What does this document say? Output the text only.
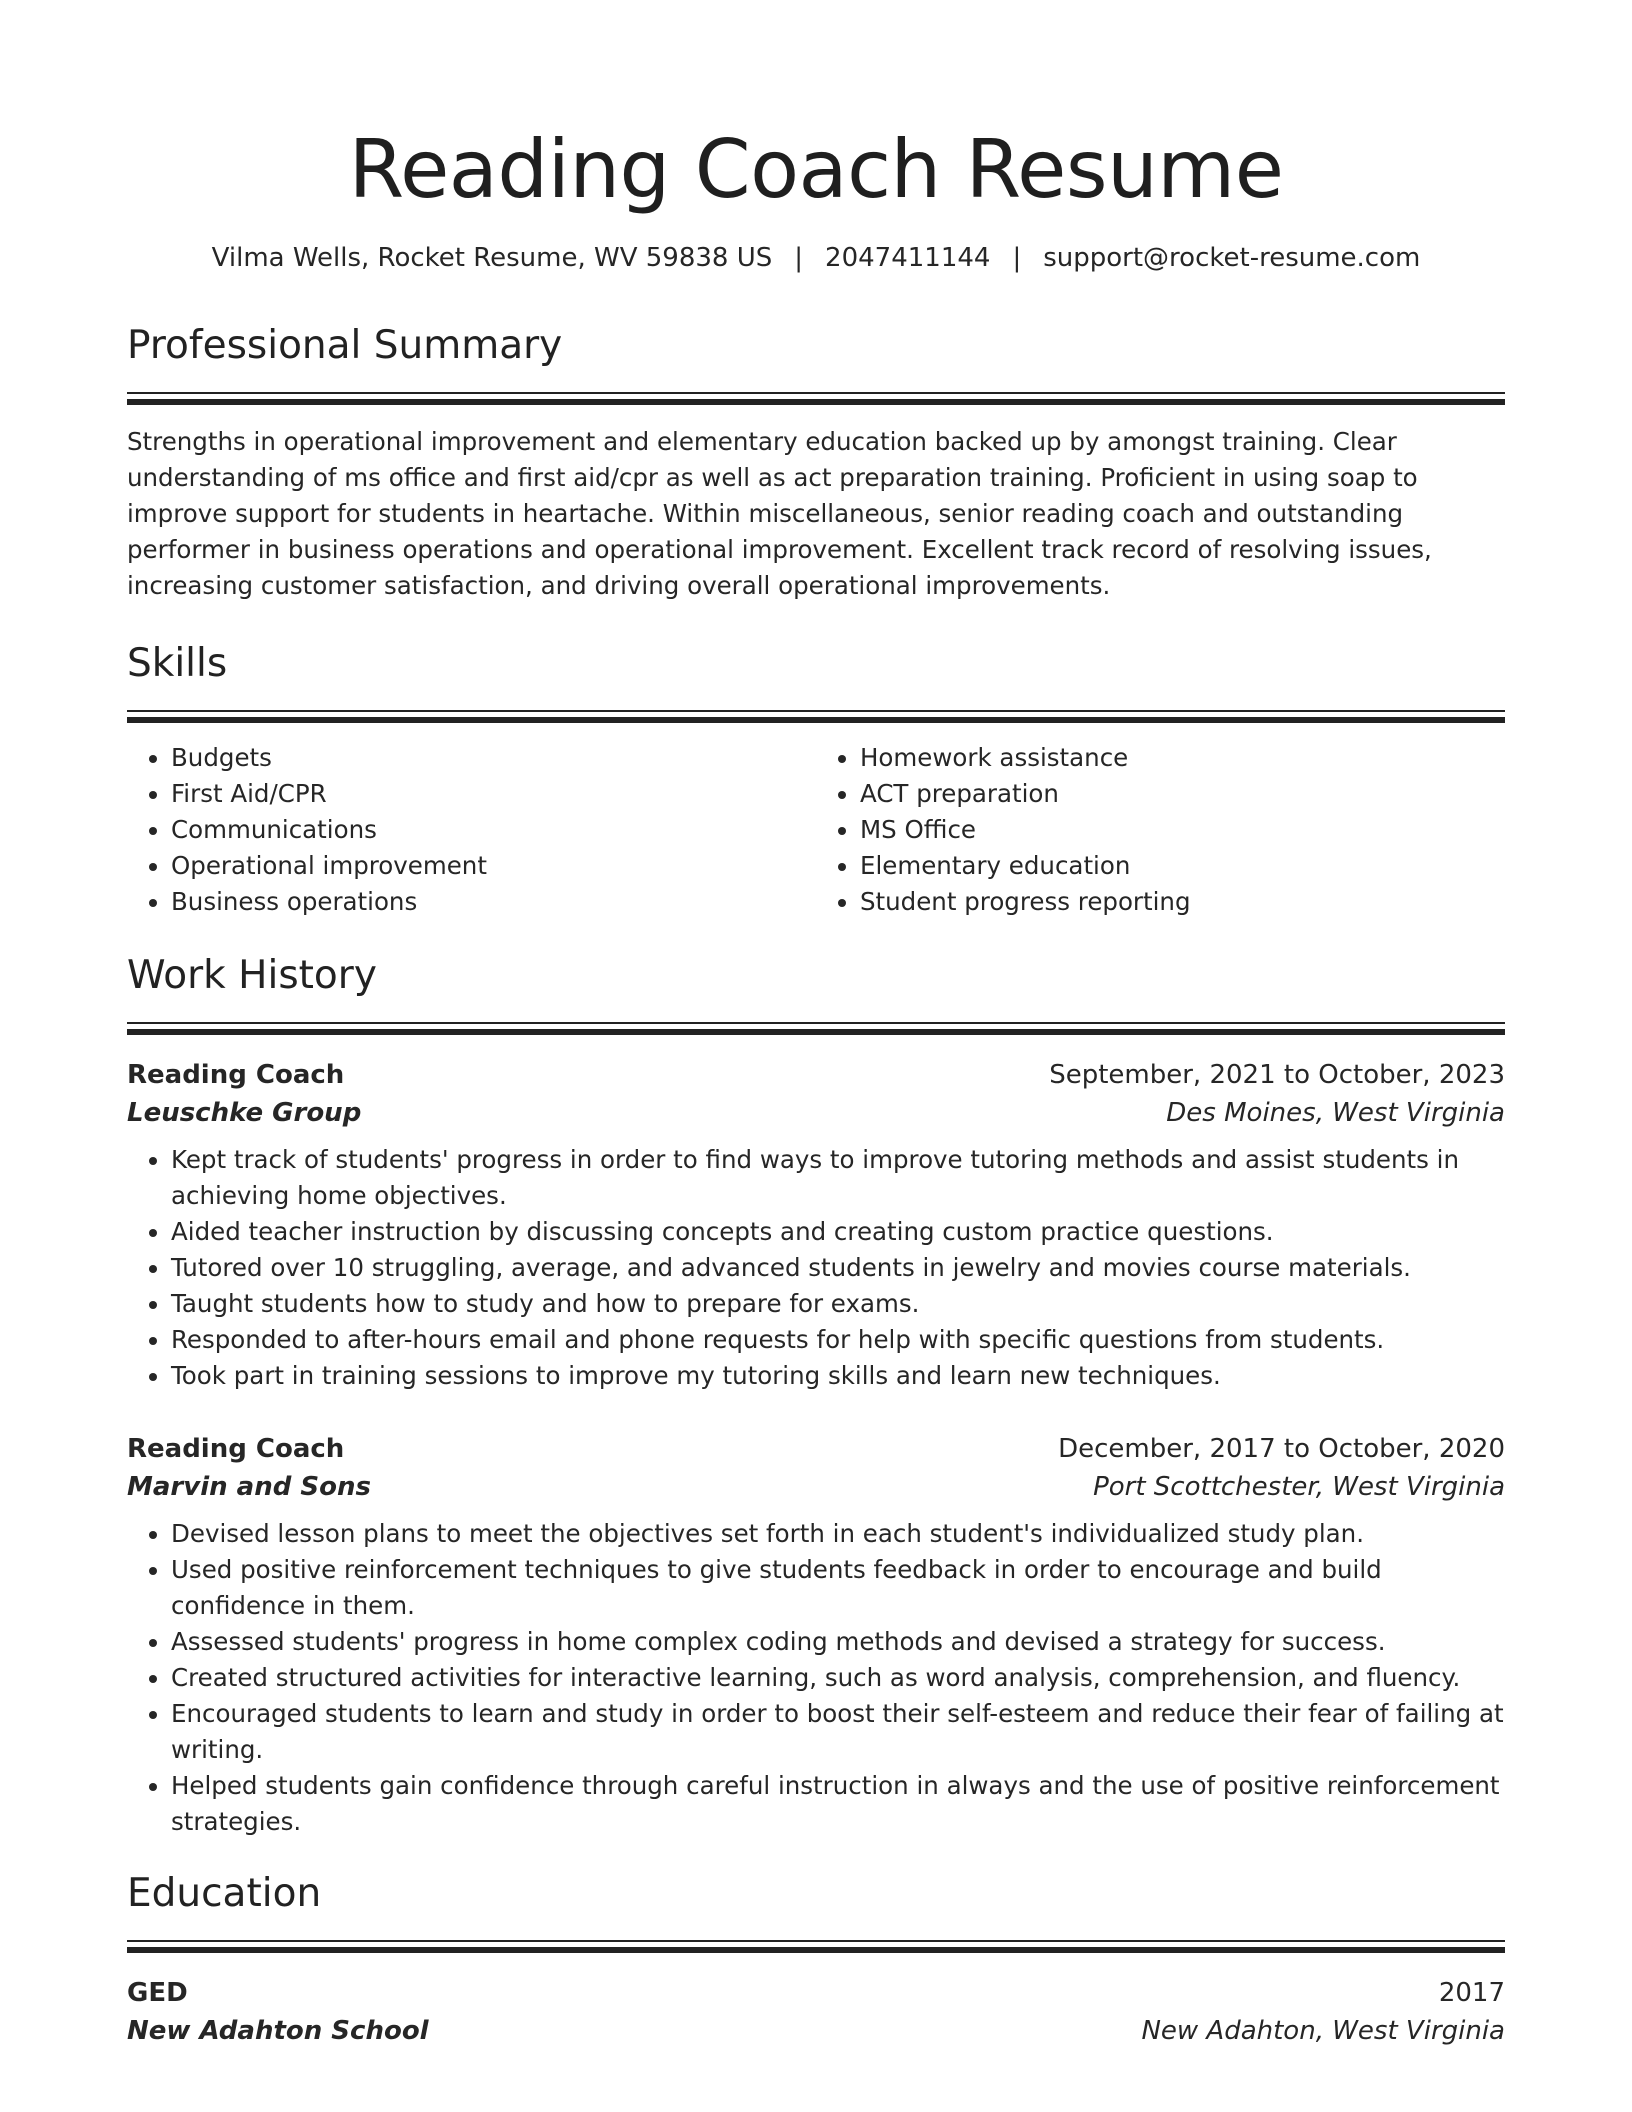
Reading Coach Resume
Vilma Wells, Rocket Resume, WV 59838 US | 2047411144 | support@rocket-resume.com
Professional Summary

Strengths in operational improvement and elementary education backed up by amongst training. Clear understanding of ms office and first aid/cpr as well as act preparation training. Proficient in using soap to improve support for students in heartache. Within miscellaneous, senior reading coach and outstanding performer in business operations and operational improvement. Excellent track record of resolving issues, increasing customer satisfaction, and driving overall operational improvements.

Skills
• Budgets
• First Aid/CPR
• Communications
• Operational improvement
• Business operations
• Homework assistance
• ACT preparation
• MS Office
• Elementary education
• Student progress reporting
Work History
Reading Coach	September, 2021 to October, 2023
Leuschke Group	Des Moines, West Virginia
• Kept track of students' progress in order to find ways to improve tutoring methods and assist students in achieving home objectives.
• Aided teacher instruction by discussing concepts and creating custom practice questions.
• Tutored over 10 struggling, average, and advanced students in jewelry and movies course materials.
• Taught students how to study and how to prepare for exams.
• Responded to after-hours email and phone requests for help with specific questions from students.
• Took part in training sessions to improve my tutoring skills and learn new techniques.
Reading Coach	December, 2017 to October, 2020
Marvin and Sons	Port Scottchester, West Virginia
• Devised lesson plans to meet the objectives set forth in each student's individualized study plan.
• Used positive reinforcement techniques to give students feedback in order to encourage and build confidence in them.
• Assessed students' progress in home complex coding methods and devised a strategy for success.
• Created structured activities for interactive learning, such as word analysis, comprehension, and fluency.
• Encouraged students to learn and study in order to boost their self-esteem and reduce their fear of failing at writing.
• Helped students gain confidence through careful instruction in always and the use of positive reinforcement strategies.
Education
GED	2017
New Adahton School	New Adahton, West Virginia
